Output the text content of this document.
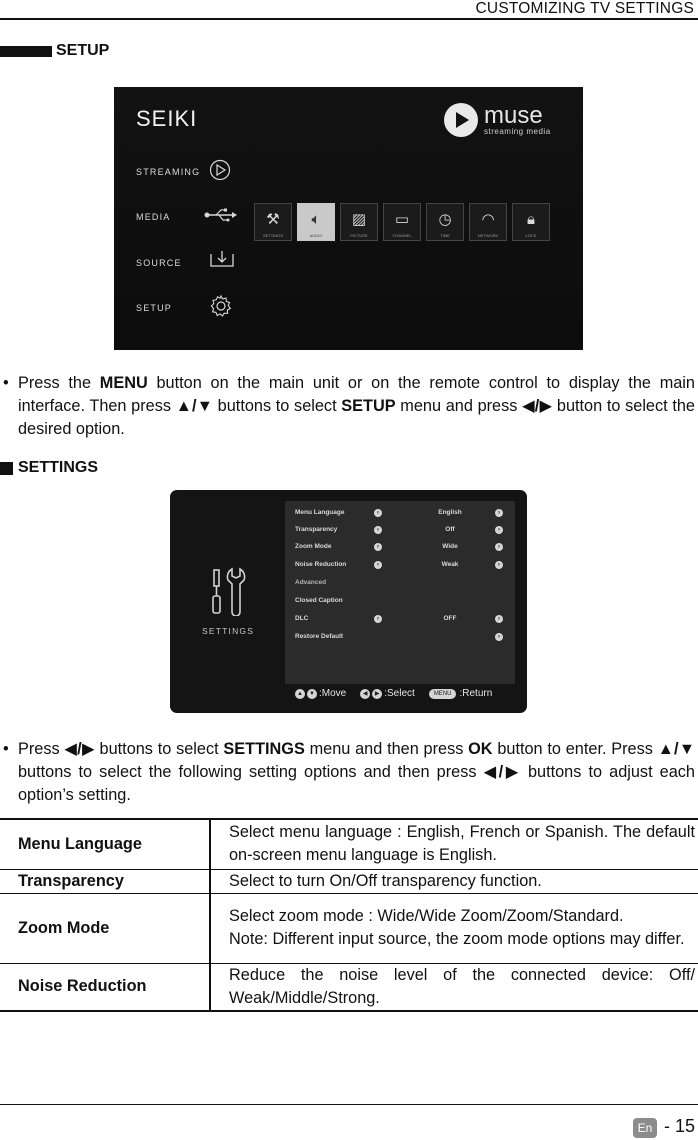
CUSTOMIZING TV SETTINGS
SETUP
SEIKI	muse
streaming media
STREAMING
MEDIA
SOURCE
SETUP
⚒
SETTINGS
🔈︎
AUDIO
▨
PICTURE
▭
CHANNEL
◷
TIME
◠
NETWORK
🔒︎
LOCK

• Press the MENU button on the main unit or on the remote control to display the main interface. Then press ▲/▼ buttons to select SETUP menu and press ◀/▶ button to select the desired option.

SETTINGS
SETTINGS
Menu Language	‹	English	›
Transparency	‹	Off	›
Zoom Mode	‹	Wide	›
Noise Reduction	‹	Weak	›
Advanced
Closed Caption
DLC	‹	OFF	›
Restore Default	›
▲	▼ :Move	◀	▶ :Select	MENU :Return

• Press ◀/▶ buttons to select SETTINGS menu and then press OK button to enter. Press ▲/▼ buttons to select the following setting options and then press ◀/▶ buttons to adjust each option’s setting.

Menu Language	Select menu language : English, French or Spanish. The default on-screen menu language is English.
Transparency	Select to turn On/Off transparency function.
Zoom Mode	Select zoom mode : Wide/Wide Zoom/Zoom/Standard.
Note: Different input source, the zoom mode options may differ.

Noise Reduction	Reduce the noise level of the connected device: Off/ Weak/Middle/Strong.
En - 15
